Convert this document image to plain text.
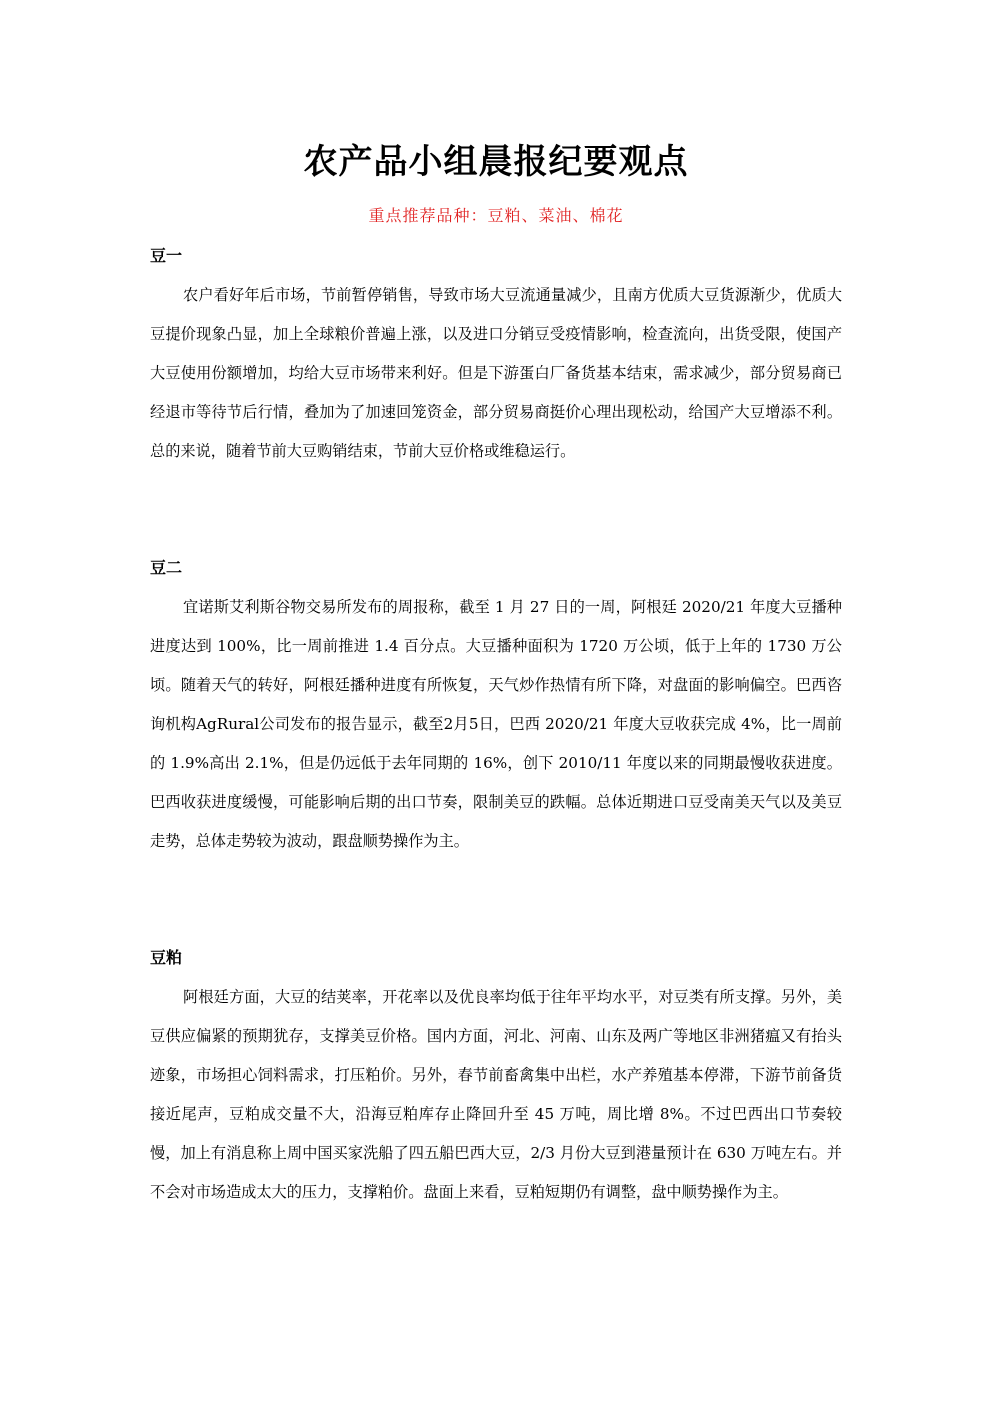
农产品小组晨报纪要观点
重点推荐品种：豆粕、菜油、棉花
豆一

农户看好年后市场，节前暂停销售，导致市场大豆流通量减少，且南方优质大豆货源渐少，优质大豆提价现象凸显，加上全球粮价普遍上涨，以及进口分销豆受疫情影响，检查流向，出货受限，使国产大豆使用份额增加，均给大豆市场带来利好。但是下游蛋白厂备货基本结束，需求减少，部分贸易商已经退市等待节后行情，叠加为了加速回笼资金，部分贸易商挺价心理出现松动，给国产大豆增添不利。总的来说，随着节前大豆购销结束，节前大豆价格或维稳运行。

豆二

宜诺斯艾利斯谷物交易所发布的周报称，截至 1 月 27 日的一周，阿根廷 2020/21 年度大豆播种进度达到 100%，比一周前推进 1.4 百分点。大豆播种面积为 1720 万公顷，低于上年的 1730 万公顷。随着天气的转好，阿根廷播种进度有所恢复，天气炒作热情有所下降，对盘面的影响偏空。巴西咨询机构AgRural公司发布的报告显示，截至2月5日，巴西 2020/21 年度大豆收获完成 4%，比一周前的 1.9%高出 2.1%，但是仍远低于去年同期的 16%，创下 2010/11 年度以来的同期最慢收获进度。巴西收获进度缓慢，可能影响后期的出口节奏，限制美豆的跌幅。总体近期进口豆受南美天气以及美豆走势，总体走势较为波动，跟盘顺势操作为主。

豆粕

阿根廷方面，大豆的结荚率，开花率以及优良率均低于往年平均水平，对豆类有所支撑。另外，美豆供应偏紧的预期犹存，支撑美豆价格。国内方面，河北、河南、山东及两广等地区非洲猪瘟又有抬头迹象，市场担心饲料需求，打压粕价。另外，春节前畜禽集中出栏，水产养殖基本停滞，下游节前备货接近尾声，豆粕成交量不大，沿海豆粕库存止降回升至 45 万吨，周比增 8%。不过巴西出口节奏较慢，加上有消息称上周中国买家洗船了四五船巴西大豆，2/3 月份大豆到港量预计在 630 万吨左右。并不会对市场造成太大的压力，支撑粕价。盘面上来看，豆粕短期仍有调整，盘中顺势操作为主。
